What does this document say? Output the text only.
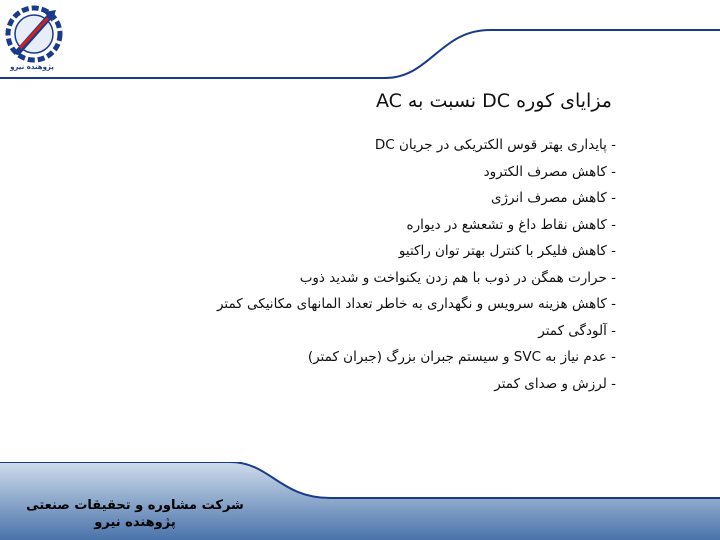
پژوهنده نیرو
مزایای کوره DC نسبت به AC
- پایداری بهتر قوس الکتریکی در جریان DC
- کاهش مصرف الکترود
- کاهش مصرف انرژی
- کاهش نقاط داغ و تشعشع در دیواره
- کاهش فلیکر با کنترل بهتر توان راکتیو
- حرارت همگن در ذوب با هم زدن یکنواخت و شدید ذوب
- کاهش هزینه سرویس و نگهداری به خاطر تعداد المانهای مکانیکی کمتر
- آلودگی کمتر
- عدم نیاز به SVC و سیستم جبران بزرگ (جبران کمتر)
- لرزش و صدای کمتر
شرکت مشاوره و تحقیقات صنعتی
پژوهنده نیرو
